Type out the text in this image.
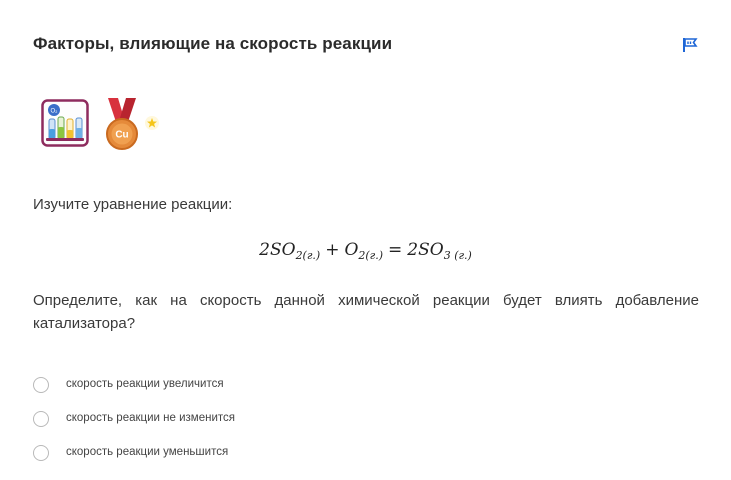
Факторы, влияющие на скорость реакции
O₂
Cu
Изучите уравнение реакции:
$2SO_{2(г.)} + O_{2(г.)} = 2SO_{3 (г.)}$
Определите, как на скорость данной химической реакции будет влиять добавление катализатора?
скорость реакции увеличится
скорость реакции не изменится
скорость реакции уменьшится
